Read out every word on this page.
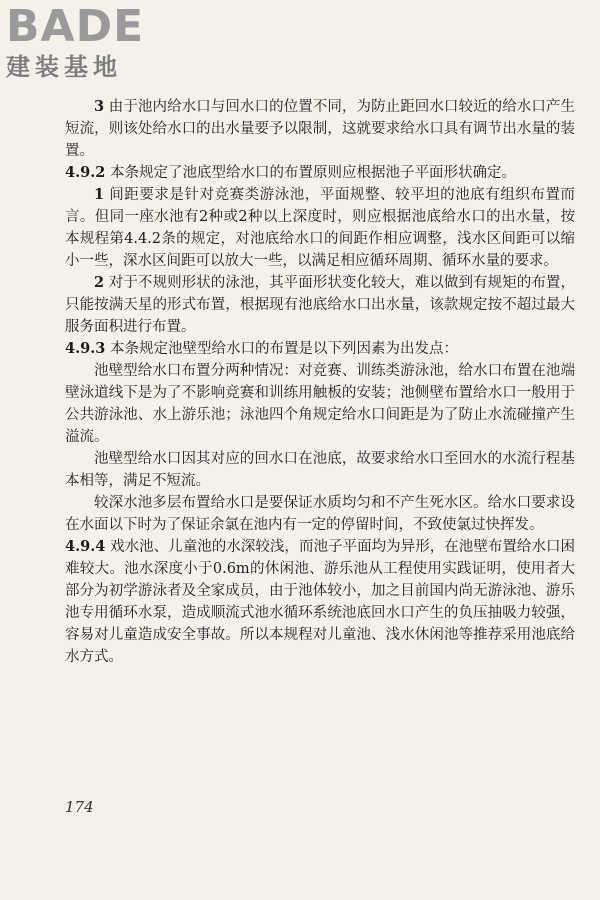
BADE
建装基地

3 由于池内给水口与回水口的位置不同，为防止距回水口较近的给水口产生短流，则该处给水口的出水量要予以限制，这就要求给水口具有调节出水量的装置。

4.9.2 本条规定了池底型给水口的布置原则应根据池子平面形状确定。

1 间距要求是针对竞赛类游泳池，平面规整、较平坦的池底有组织布置而言。但同一座水池有2种或2种以上深度时，则应根据池底给水口的出水量，按本规程第4.4.2条的规定，对池底给水口的间距作相应调整，浅水区间距可以缩小一些，深水区间距可以放大一些，以满足相应循环周期、循环水量的要求。

2 对于不规则形状的泳池，其平面形状变化较大，难以做到有规矩的布置，只能按满天星的形式布置，根据现有池底给水口出水量，该款规定按不超过最大服务面积进行布置。

4.9.3 本条规定池壁型给水口的布置是以下列因素为出发点：

池壁型给水口布置分两种情况：对竞赛、训练类游泳池，给水口布置在池端壁泳道线下是为了不影响竞赛和训练用触板的安装；池侧壁布置给水口一般用于公共游泳池、水上游乐池；泳池四个角规定给水口间距是为了防止水流碰撞产生溢流。

池壁型给水口因其对应的回水口在池底，故要求给水口至回水的水流行程基本相等，满足不短流。

较深水池多层布置给水口是要保证水质均匀和不产生死水区。给水口要求设在水面以下时为了保证余氯在池内有一定的停留时间，不致使氯过快挥发。

4.9.4 戏水池、儿童池的水深较浅，而池子平面均为异形，在池壁布置给水口困难较大。池水深度小于0.6m的休闲池、游乐池从工程使用实践证明，使用者大部分为初学游泳者及全家成员，由于池体较小，加之目前国内尚无游泳池、游乐池专用循环水泵，造成顺流式池水循环系统池底回水口产生的负压抽吸力较强，容易对儿童造成安全事故。所以本规程对儿童池、浅水休闲池等推荐采用池底给水方式。

174
